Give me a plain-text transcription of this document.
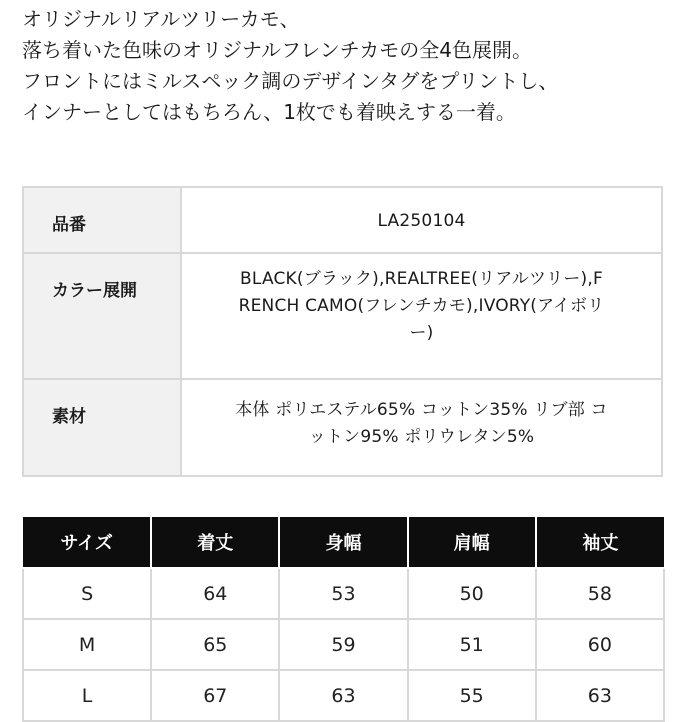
オリジナルリアルツリーカモ、
落ち着いた色味のオリジナルフレンチカモの全4色展開。
フロントにはミルスペック調のデザインタグをプリントし、
インナーとしてはもちろん、1枚でも着映えする一着。
品番	LA250104
カラー展開	BLACK(ブラック),REALTREE(リアルツリー),F
RENCH CAMO(フレンチカモ),IVORY(アイボリ
ー)

素材	本体 ポリエステル65% コットン35% リブ部 コ
ットン95% ポリウレタン5%
サイズ	着丈	身幅	肩幅	袖丈
S	64	53	50	58
M	65	59	51	60
L	67	63	55	63
